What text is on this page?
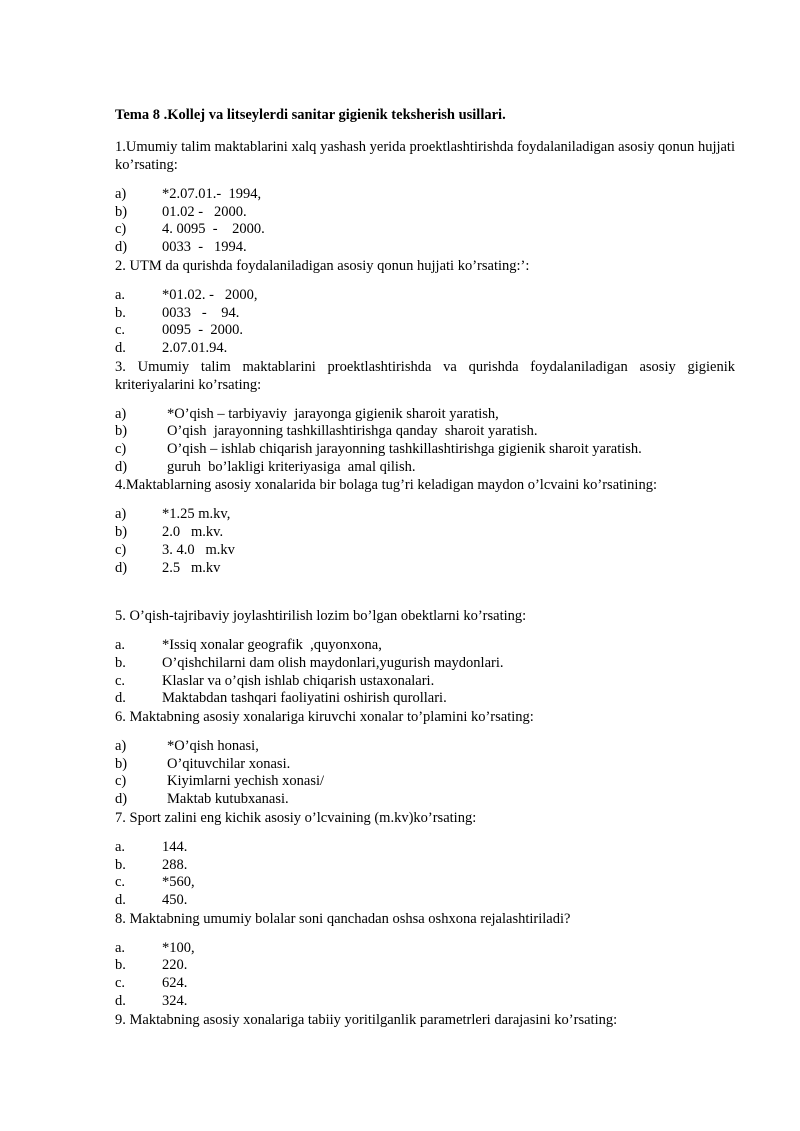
Tema 8 .Kollej va litseylerdi sanitar gigienik teksherish usillari.

1.Umumiy talim maktablarini xalq yashash yerida proektlashtirishda foydalaniladigan asosiy qonun hujjati ko’rsating:

a)	*2.07.01.-  1994,
b)	01.02 -   2000.
c)	4. 0095  -    2000.
d)	0033  -   1994.

2. UTM da qurishda foydalaniladigan asosiy qonun hujjati ko’rsating:’:

a.	*01.02. -   2000,
b.	0033   -    94.
c.	0095  -  2000.
d.	2.07.01.94.

3. Umumiy talim maktablarini proektlashtirishda va qurishda foydalaniladigan asosiy gigienik kriteriyalarini ko’rsating:

a)	*O’qish – tarbiyaviy  jarayonga gigienik sharoit yaratish,
b)	O’qish  jarayonning tashkillashtirishga qanday  sharoit yaratish.
c)	O’qish – ishlab chiqarish jarayonning tashkillashtirishga gigienik sharoit yaratish.
d)	guruh  bo’lakligi kriteriyasiga  amal qilish.

4.Maktablarning asosiy xonalarida bir bolaga tug’ri keladigan maydon o’lcvaini ko’rsatining:

a)	*1.25 m.kv,
b)	2.0   m.kv.
c)	3. 4.0   m.kv
d)	2.5   m.kv

5. O’qish-tajribaviy joylashtirilish lozim bo’lgan obektlarni ko’rsating:

a.	*Issiq xonalar geografik  ,quyonxona,
b.	O’qishchilarni dam olish maydonlari,yugurish maydonlari.
c.	Klaslar va o’qish ishlab chiqarish ustaxonalari.
d.	Maktabdan tashqari faoliyatini oshirish qurollari.

6. Maktabning asosiy xonalariga kiruvchi xonalar to’plamini ko’rsating:

a)	*O’qish honasi,
b)	O’qituvchilar xonasi.
c)	Kiyimlarni yechish xonasi/
d)	Maktab kutubxanasi.

7. Sport zalini eng kichik asosiy o’lcvaining (m.kv)ko’rsating:

a.	144.
b.	288.
c.	*560,
d.	450.

8. Maktabning umumiy bolalar soni qanchadan oshsa oshxona rejalashtiriladi?

a.	*100,
b.	220.
c.	624.
d.	324.

9. Maktabning asosiy xonalariga tabiiy yoritilganlik parametrleri darajasini ko’rsating:
